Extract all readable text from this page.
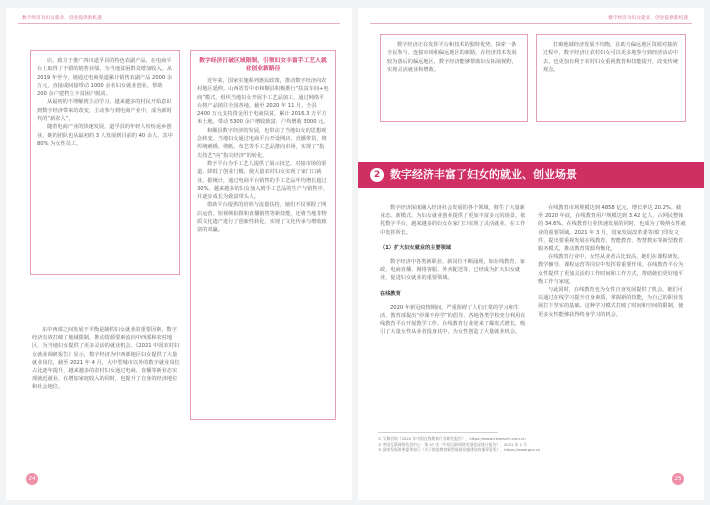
数字经济为妇女就业、创业提供新机遇

店，致力于推广四川道孚县的特色农副产品，在电商平台上取得了不错的销售业绩，为当地贫困群众增加收入。从 2019 年至今，她通过电商渠道累计销售农副产品 2000 余万元，直接或间接带动 1000 余名妇女就业创业，帮助 200 余户建档立卡贫困户脱贫。

从最初的不理解到主动学习，越来越多的村民开始意识到数字经济带来的改变，主动参与到电商产业中，成为新时代的“新农人”。

随着电商产业的快速发展，道孚县的年轻人纷纷返乡创业，她的团队也从最初的 3 人发展到目前的 40 余人，其中 80% 为女性员工。

数字经济打破区域限制，引领妇女丰富手工艺人就业创业新路径

近年来，国家实施系列惠民政策，推动数字经济向农村地区延伸。山西省晋中市和顺县积极推行“扶贫车间+电商”模式，组织当地妇女开展手工艺品加工，通过网络平台将产品销往全国各地。截至 2020 年 11 月，全县 2400 万元支持资金用于电商扶贫，累计 2016.3 万平方米土地，带动 5300 余户增收致富，户均增收 3000 元。

和顺县数字经济的发展，也带动了当地妇女的思想观念转变。当地妇女通过电商平台开设网店、直播带货，将传统刺绣、剪纸、布艺等手工艺品推向市场，实现了“指尖技艺”向“指尖经济”的转化。

数字平台为手工艺人提供了展示技艺、对接市场的渠道，降低了创业门槛，使大量农村妇女实现了家门口就业。据统计，通过电商平台销售的手工艺品年均增长超过 30%，越来越多的妇女加入到手工艺品的生产与销售中，并逐步成长为致富带头人。

借助平台提供的培训与流量扶持，她们不仅掌握了网店运营、短视频拍摄和直播销售等新技能，还将当地非物质文化遗产进行了创新性转化，实现了文化传承与增收致富的双赢。

东中西部之间发展不平衡是制约妇女就业的重要因素。数字经济有效打破了地域限制，推动资源要素流向中西部和农村地区，为当地妇女提供了更多灵活的就业机会。《2021 中国农村妇女就业调研报告》显示，数字经济为中西部地区妇女提供了大量就业岗位，截至 2021 年 4 月，大中型城市以外的数字就业岗位占比逐年提升，越来越多的农村妇女通过电商、直播等新业态实现就近就业，在增加家庭收入的同时，也提升了自身的经济地位和社会地位。

24
数字经济为妇女就业、创业提供新机遇

数字经济正在发挥平台和技术的独特优势，探索一条全民参与、连接市场和偏远地区的新路。在经济技术发展较为落后的偏远地区，数字经济能够帮助妇女拓展视野，实现灵活就业和增收。

打破地域经济发展不均衡，在助力偏远地区资源对接的过程中，数字经济让农村妇女可以更多地参与到经济活动中去，也更加有利于农村妇女重视教育和技能提升，改变传统观念。

2 数字经济丰富了妇女的就业、创业场景

数字经济深度融入经济社会发展的各个领域，催生了大量新业态、新模式，为妇女就业创业提供了更加丰富多元的场景。依托数字平台，越来越多的妇女在家门口实现了灵活就业，在工作中发挥所长。

（1）扩大妇女就业的主要领域

数字经济中各类新职业、新岗位不断涌现，如在线教育、家政、电商直播、网络客服、外卖配送等，已经成为扩大妇女就业、促进妇女就业的重要领域。

在线教育

2020 年新冠疫情期间，严重阻碍了人们正常的学习和生活，教育部提出“停课不停学”的倡导，各地各类学校充分利用在线教育平台开展教学工作。在线教育行业迎来了爆发式增长，吸引了大量女性从业者投身其中，为女性创造了大量就业机会。

在线教育市场规模达到 4858 亿元，增长率达 20.2%。截至 2020 年底，在线教育用户规模达到 3.42 亿人，占网民整体的 34.6%。在线教育行业快速发展的同时，也成为了吸纳女性就业的重要领域。2021 年 3 月，国家发展改革委等部门印发文件，提出要重视发展在线教育、智能教育、智慧教室等新型教育服务模式，推动教育资源均衡化。

在线教育行业中，女性从业者占比较高，她们在课程研发、教学辅导、课程运营等岗位中发挥着重要作用。在线教育平台为女性提供了更加灵活的工作时间和工作方式，帮助她们更好地平衡工作与家庭。

与此同时，在线教育也为女性自身发展提供了机会。她们可以通过在线学习提升自身素质，掌握新的技能，为自己的职业发展打下坚实的基础。这种学习模式打破了时间和空间的限制，使更多女性能够获得终身学习的机会。

① 艾瑞咨询《2020 年中国在线教育行业研究报告》，https://www.iresearch.com.cn
② 中国互联网络信息中心：第 47 次《中国互联网络发展状况统计报告》，2021 年 2 月
③ 国家发展改革委等部门《关于推进教育新型基础设施建设的指导意见》，https://www.gov.cn
25
